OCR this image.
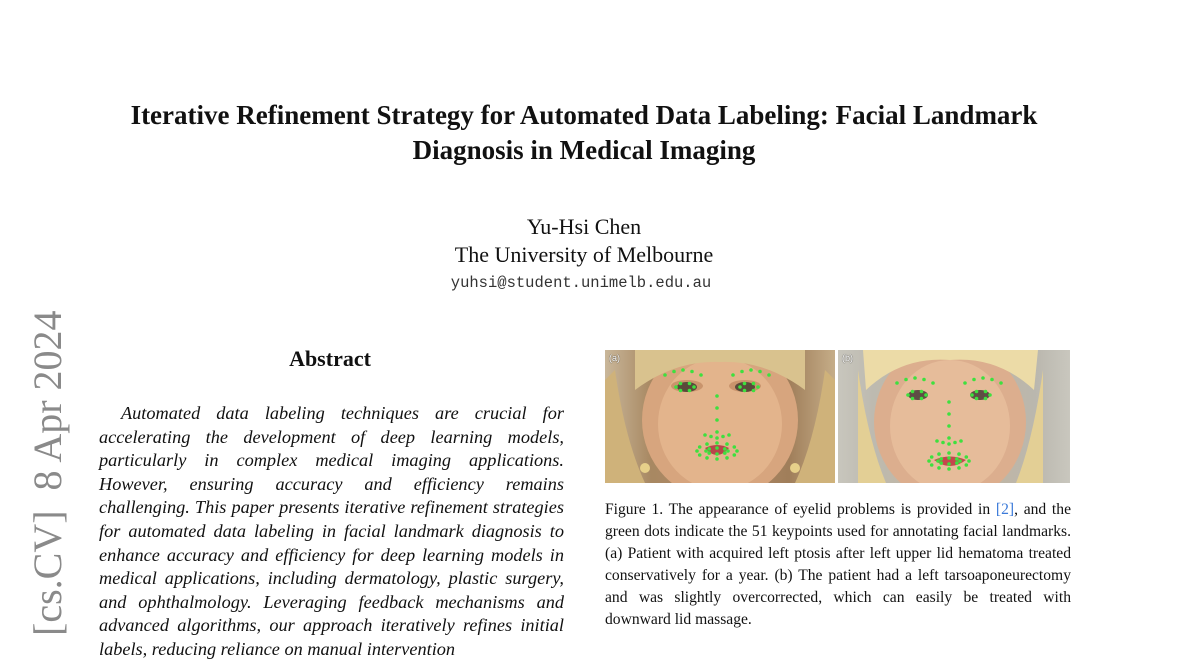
Iterative Refinement Strategy for Automated Data Labeling: Facial Landmark
Diagnosis in Medical Imaging
Yu-Hsi Chen
The University of Melbourne
yuhsi@student.unimelb.edu.au
[cs.CV]  8 Apr 2024	Abstract

Automated data labeling techniques are crucial for accelerating the development of deep learning models, particularly in complex medical imaging applications. However, ensuring accuracy and efficiency remains challenging. This paper presents iterative refinement strategies for automated data labeling in facial landmark diagnosis to enhance accuracy and efficiency for deep learning models in medical applications, including dermatology, plastic surgery, and ophthalmology. Leveraging feedback mechanisms and advanced algorithms, our approach iteratively refines initial labels, reducing reliance on manual intervention

(a)	(b)

Figure 1. The appearance of eyelid problems is provided in [2], and the green dots indicate the 51 keypoints used for annotating facial landmarks. (a) Patient with acquired left ptosis after left upper lid hematoma treated conservatively for a year. (b) The patient had a left tarsoaponeurectomy and was slightly overcorrected, which can easily be treated with downward lid massage.
